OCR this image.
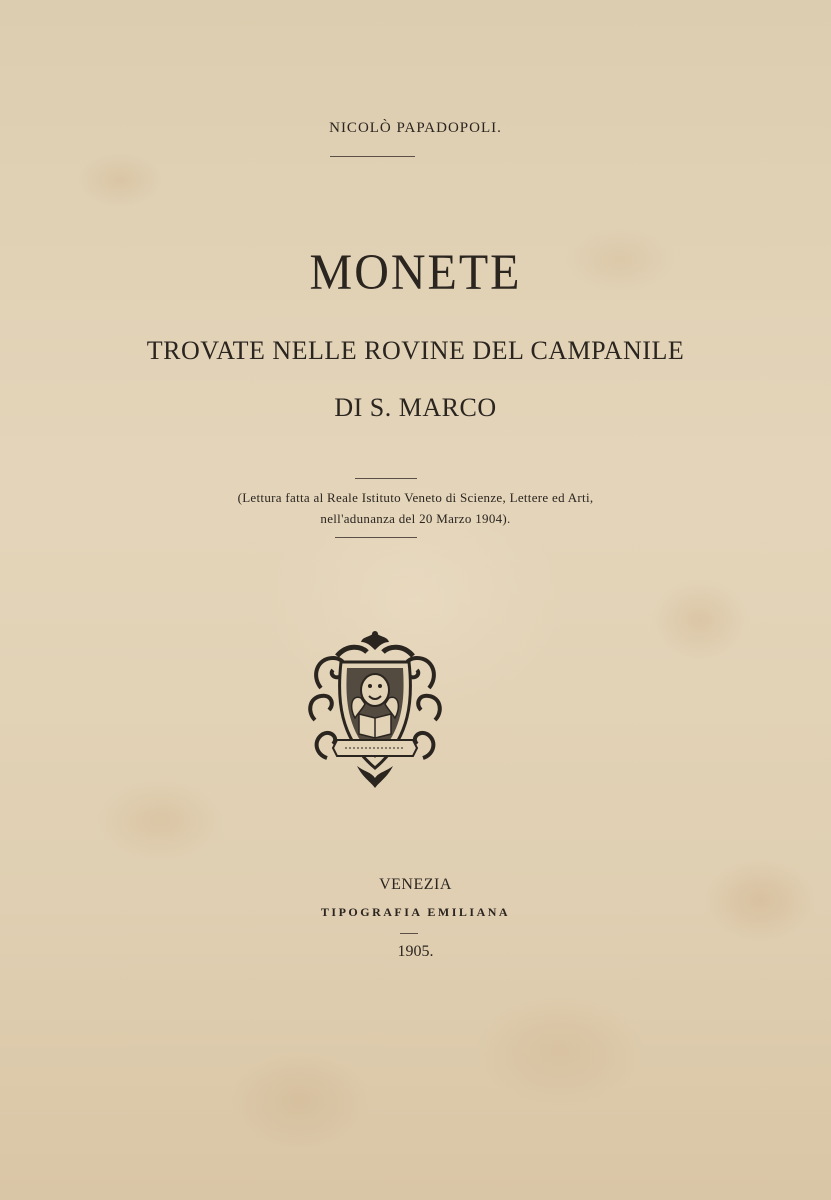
NICOLÒ PAPADOPOLI.
MONETE
TROVATE NELLE ROVINE DEL CAMPANILE
DI S. MARCO
(Lettura fatta al Reale Istituto Veneto di Scienze, Lettere ed Arti,
nell'adunanza del 20 Marzo 1904).
VENEZIA
TIPOGRAFIA EMILIANA
1905.
